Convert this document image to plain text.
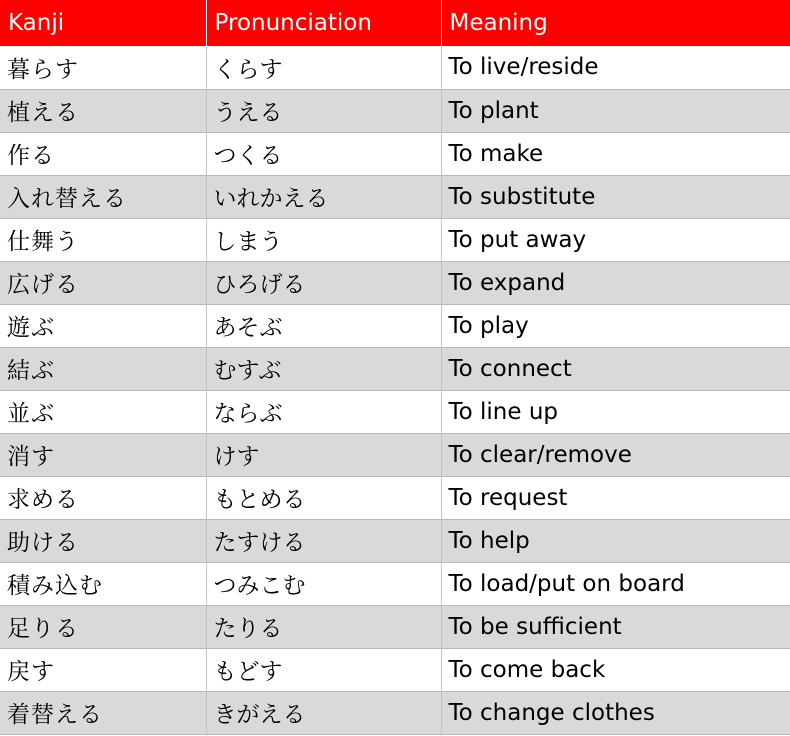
Kanji	Pronunciation	Meaning
暮らす	くらす	To live/reside
植える	うえる	To plant
作る	つくる	To make
入れ替える	いれかえる	To substitute
仕舞う	しまう	To put away
広げる	ひろげる	To expand
遊ぶ	あそぶ	To play
結ぶ	むすぶ	To connect
並ぶ	ならぶ	To line up
消す	けす	To clear/remove
求める	もとめる	To request
助ける	たすける	To help
積み込む	つみこむ	To load/put on board
足りる	たりる	To be sufficient
戻す	もどす	To come back
着替える	きがえる	To change clothes
